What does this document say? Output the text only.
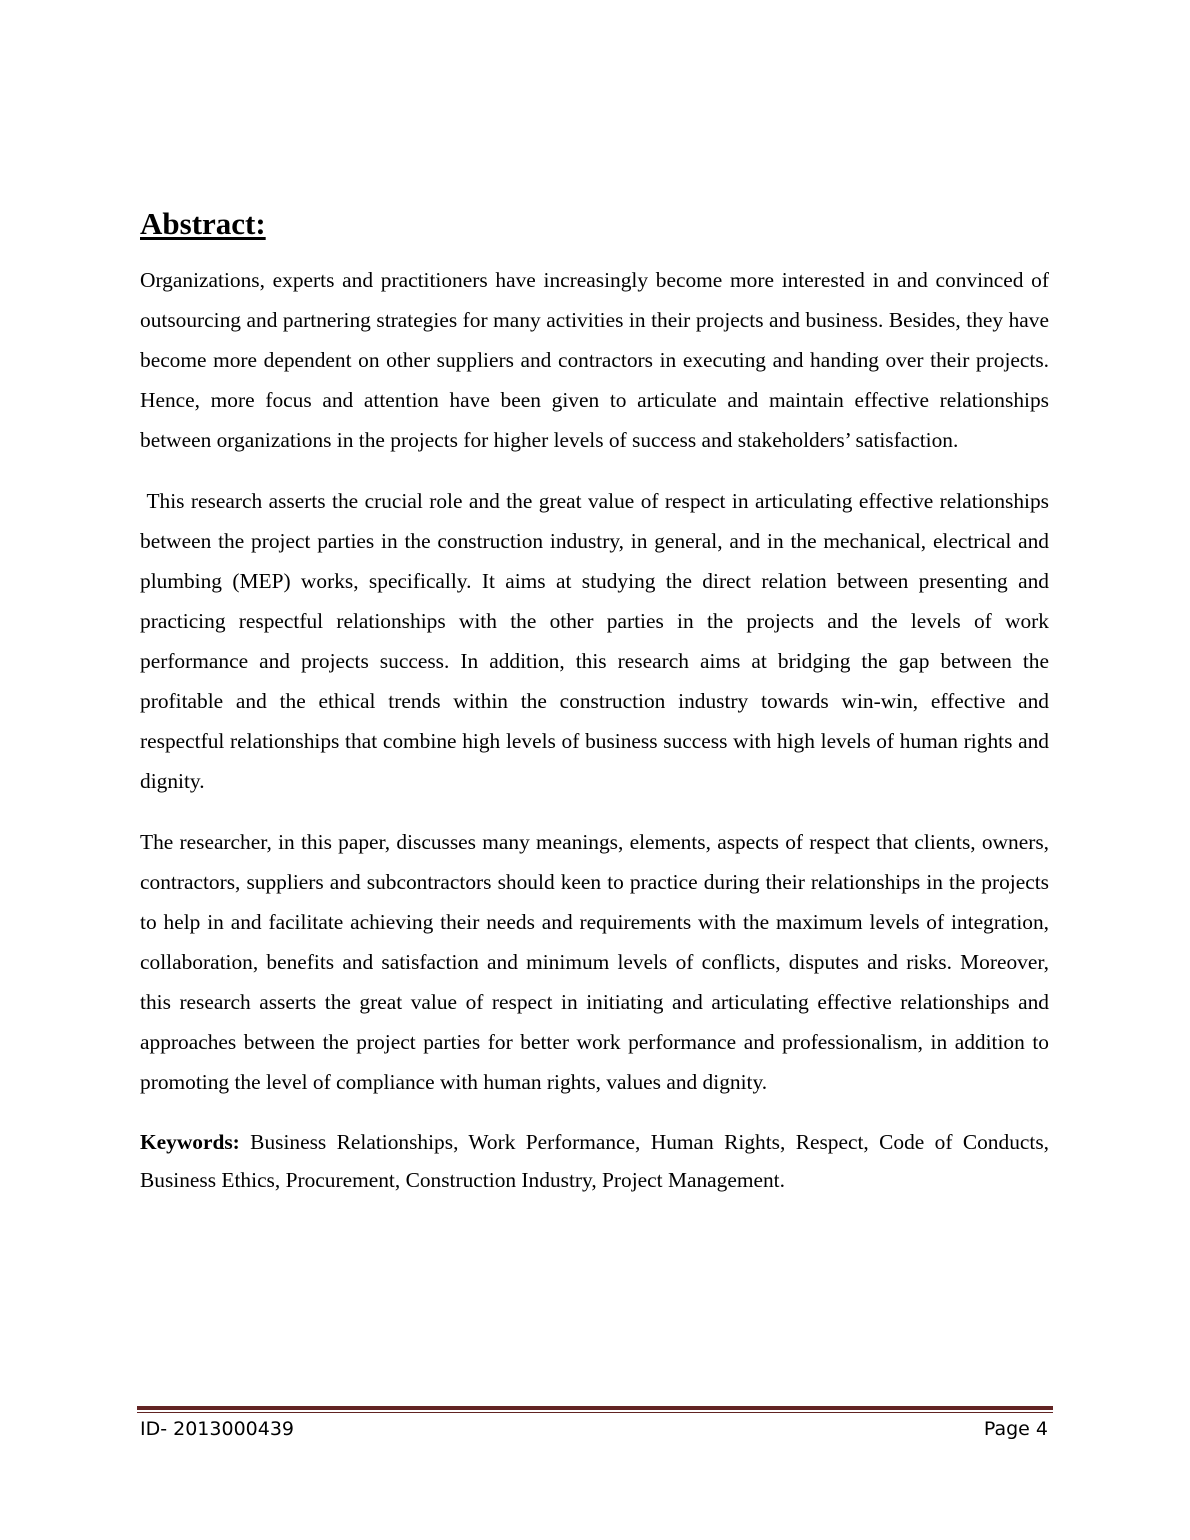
Abstract:

Organizations, experts and practitioners have increasingly become more interested in and convinced of outsourcing and partnering strategies for many activities in their projects and business. Besides, they have become more dependent on other suppliers and contractors in executing and handing over their projects. Hence, more focus and attention have been given to articulate and maintain effective relationships between organizations in the projects for higher levels of success and stakeholders’ satisfaction.

This research asserts the crucial role and the great value of respect in articulating effective relationships between the project parties in the construction industry, in general, and in the mechanical, electrical and plumbing (MEP) works, specifically. It aims at studying the direct relation between presenting and practicing respectful relationships with the other parties in the projects and the levels of work performance and projects success. In addition, this research aims at bridging the gap between the profitable and the ethical trends within the construction industry towards win-win, effective and respectful relationships that combine high levels of business success with high levels of human rights and dignity.

The researcher, in this paper, discusses many meanings, elements, aspects of respect that clients, owners, contractors, suppliers and subcontractors should keen to practice during their relationships in the projects to help in and facilitate achieving their needs and requirements with the maximum levels of integration, collaboration, benefits and satisfaction and minimum levels of conflicts, disputes and risks. Moreover, this research asserts the great value of respect in initiating and articulating effective relationships and approaches between the project parties for better work performance and professionalism, in addition to promoting the level of compliance with human rights, values and dignity.

Keywords: Business Relationships, Work Performance, Human Rights, Respect, Code of Conducts, Business Ethics, Procurement, Construction Industry, Project Management.

ID- 2013000439	Page 4
